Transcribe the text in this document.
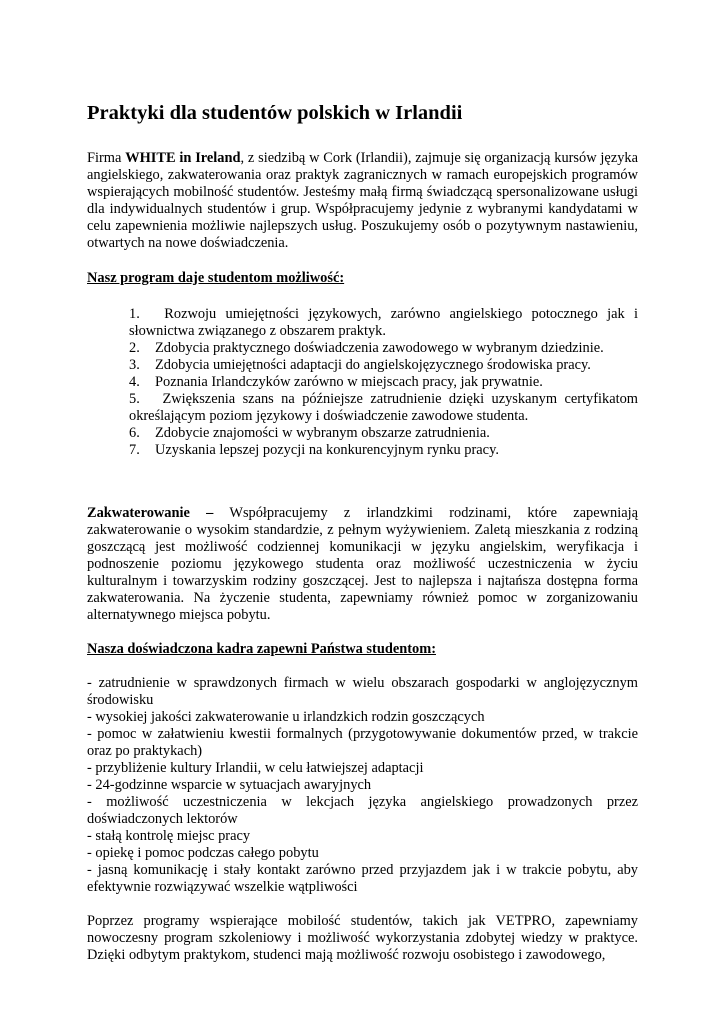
Praktyki dla studentów polskich w Irlandii

Firma WHITE in Ireland, z siedzibą w Cork (Irlandii), zajmuje się organizacją kursów języka angielskiego, zakwaterowania oraz praktyk zagranicznych w ramach europejskich programów wspierających mobilność studentów. Jesteśmy małą firmą świadczącą spersonalizowane usługi dla indywidualnych studentów i grup. Współpracujemy jedynie z wybranymi kandydatami w celu zapewnienia możliwie najlepszych usług. Poszukujemy osób o pozytywnym nastawieniu, otwartych na nowe doświadczenia.

Nasz program daje studentom możliwość:

1. Rozwoju umiejętności językowych, zarówno angielskiego potocznego jak i słownictwa związanego z obszarem praktyk.
2. Zdobycia praktycznego doświadczenia zawodowego w wybranym dziedzinie.
3. Zdobycia umiejętności adaptacji do angielskojęzycznego środowiska pracy.
4. Poznania Irlandczyków zarówno w miejscach pracy, jak prywatnie.
5. Zwiększenia szans na późniejsze zatrudnienie dzięki uzyskanym certyfikatom określającym poziom językowy i doświadczenie zawodowe studenta.
6. Zdobycie znajomości w wybranym obszarze zatrudnienia.
7. Uzyskania lepszej pozycji na konkurencyjnym rynku pracy.

Zakwaterowanie – Współpracujemy z irlandzkimi rodzinami, które zapewniają zakwaterowanie o wysokim standardzie, z pełnym wyżywieniem. Zaletą mieszkania z rodziną goszczącą jest możliwość codziennej komunikacji w języku angielskim, weryfikacja i podnoszenie poziomu językowego studenta oraz możliwość uczestniczenia w życiu kulturalnym i towarzyskim rodziny goszczącej. Jest to najlepsza i najtańsza dostępna forma zakwaterowania. Na życzenie studenta, zapewniamy również pomoc w zorganizowaniu alternatywnego miejsca pobytu.

Nasza doświadczona kadra zapewni Państwa studentom:

- zatrudnienie w sprawdzonych firmach w wielu obszarach gospodarki w anglojęzycznym środowisku
- wysokiej jakości zakwaterowanie u irlandzkich rodzin goszczących
- pomoc w załatwieniu kwestii formalnych (przygotowywanie dokumentów przed, w trakcie oraz po praktykach)
- przybliżenie kultury Irlandii, w celu łatwiejszej adaptacji
- 24-godzinne wsparcie w sytuacjach awaryjnych
- możliwość uczestniczenia w lekcjach języka angielskiego prowadzonych przez doświadczonych lektorów
- stałą kontrolę miejsc pracy
- opiekę i pomoc podczas całego pobytu
- jasną komunikację i stały kontakt zarówno przed przyjazdem jak i w trakcie pobytu, aby efektywnie rozwiązywać wszelkie wątpliwości

Poprzez programy wspierające mobilość studentów, takich jak VETPRO, zapewniamy nowoczesny program szkoleniowy i możliwość wykorzystania zdobytej wiedzy w praktyce. Dzięki odbytym praktykom, studenci mają możliwość rozwoju osobistego i zawodowego,
